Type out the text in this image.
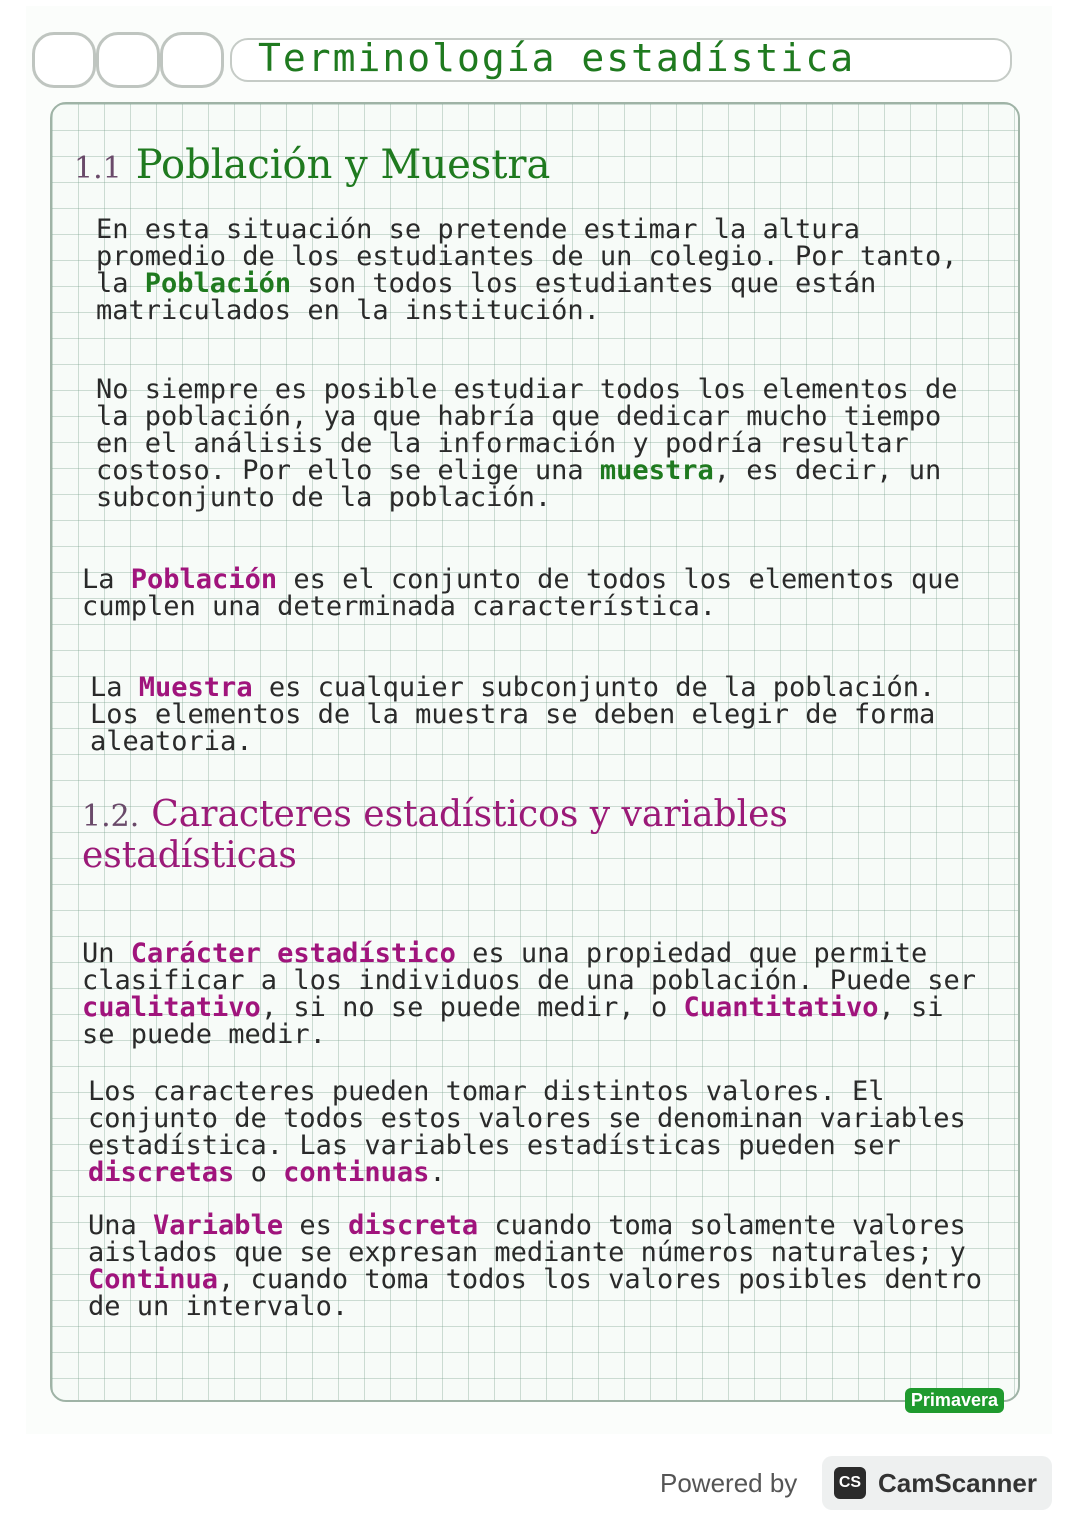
Terminología estadística
1.1 Población y Muestra
En esta situación se pretende estimar la altura promedio de los estudiantes de un colegio. Por tanto, la Población son todos los estudiantes que están matriculados en la institución.
No siempre es posible estudiar todos los elementos de la población, ya que habría que dedicar mucho tiempo en el análisis de la información y podría resultar costoso. Por ello se elige una muestra, es decir, un subconjunto de la población.
La Población es el conjunto de todos los elementos que cumplen una determinada característica.
La Muestra es cualquier subconjunto de la población. Los elementos de la muestra se deben elegir de forma aleatoria.
1.2. Caracteres estadísticos y variables estadísticas
Un Carácter estadístico es una propiedad que permite clasificar a los individuos de una población. Puede ser cualitativo, si no se puede medir, o Cuantitativo, si se puede medir.
Los caracteres pueden tomar distintos valores. El conjunto de todos estos valores se denominan variables estadística. Las variables estadísticas pueden ser discretas o continuas.
Una Variable es discreta cuando toma solamente valores aislados que se expresan mediante números naturales; y Continua, cuando toma todos los valores posibles dentro de un intervalo.
Primavera
Powered by	CS CamScanner
